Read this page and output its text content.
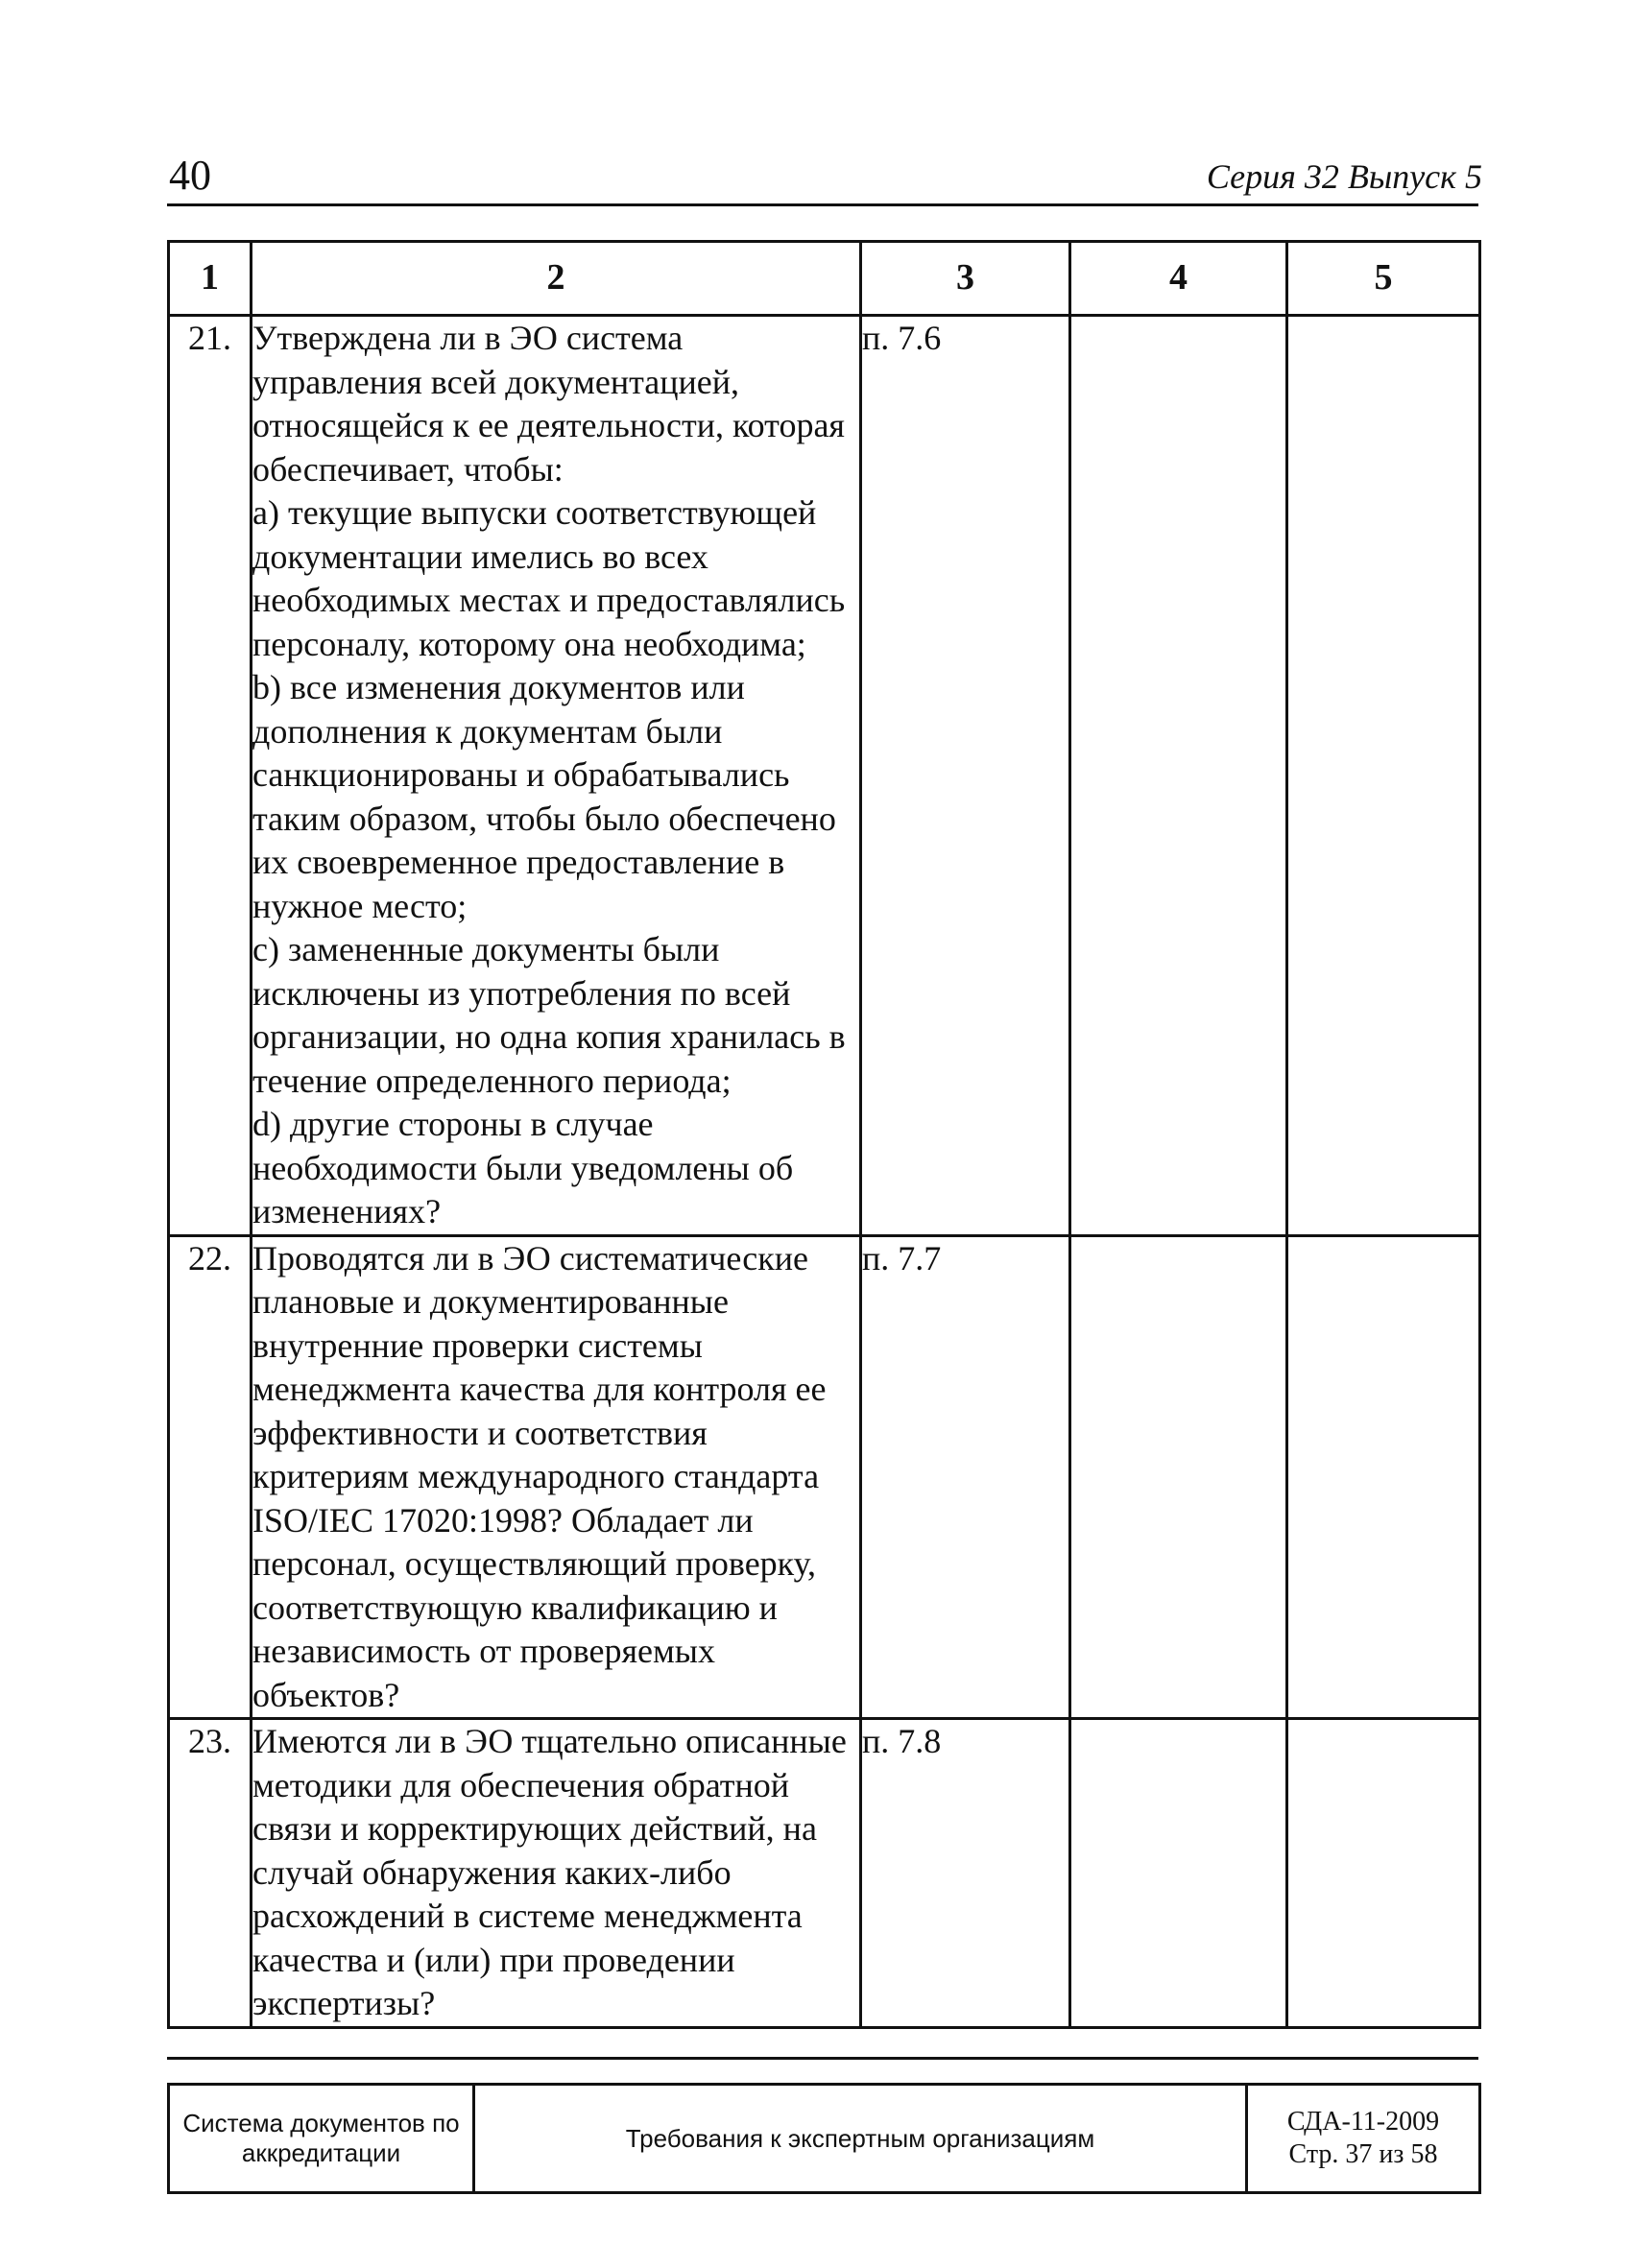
40	Серия 32 Выпуск 5
1	2	3	4	5
21.	Утверждена ли в ЭО система управления всей документацией, относящейся к ее деятельности, которая обеспечивает, чтобы:
а) текущие выпуски соответствующей документации имелись во всех необходимых местах и предоставлялись персоналу, которому она необходима;
b) все изменения документов или дополнения к документам были санкционированы и обрабатывались таким образом, чтобы было обеспечено их своевременное предоставление в нужное место;
с) замененные документы были исключены из употребления по всей организации, но одна копия хранилась в течение определенного периода;
d) другие стороны в случае необходимости были уведомлены об изменениях?	п. 7.6		
22.	Проводятся ли в ЭО систематические плановые и документированные внутренние проверки системы менеджмента качества для контроля ее эффективности и соответствия критериям международного стандарта ISO/IEC 17020:1998? Обладает ли персонал, осуществляющий проверку, соответствующую квалификацию и независимость от проверяемых объектов?	п. 7.7		
23.	Имеются ли в ЭО тщательно описанные методики для обеспечения обратной связи и корректирующих действий, на случай обнаружения каких-либо расхождений в системе менеджмента качества и (или) при проведении экспертизы?	п. 7.8		
Система документов по аккредитации	Требования к экспертным организациям	
СДА-11-2009
Стр. 37 из 58
